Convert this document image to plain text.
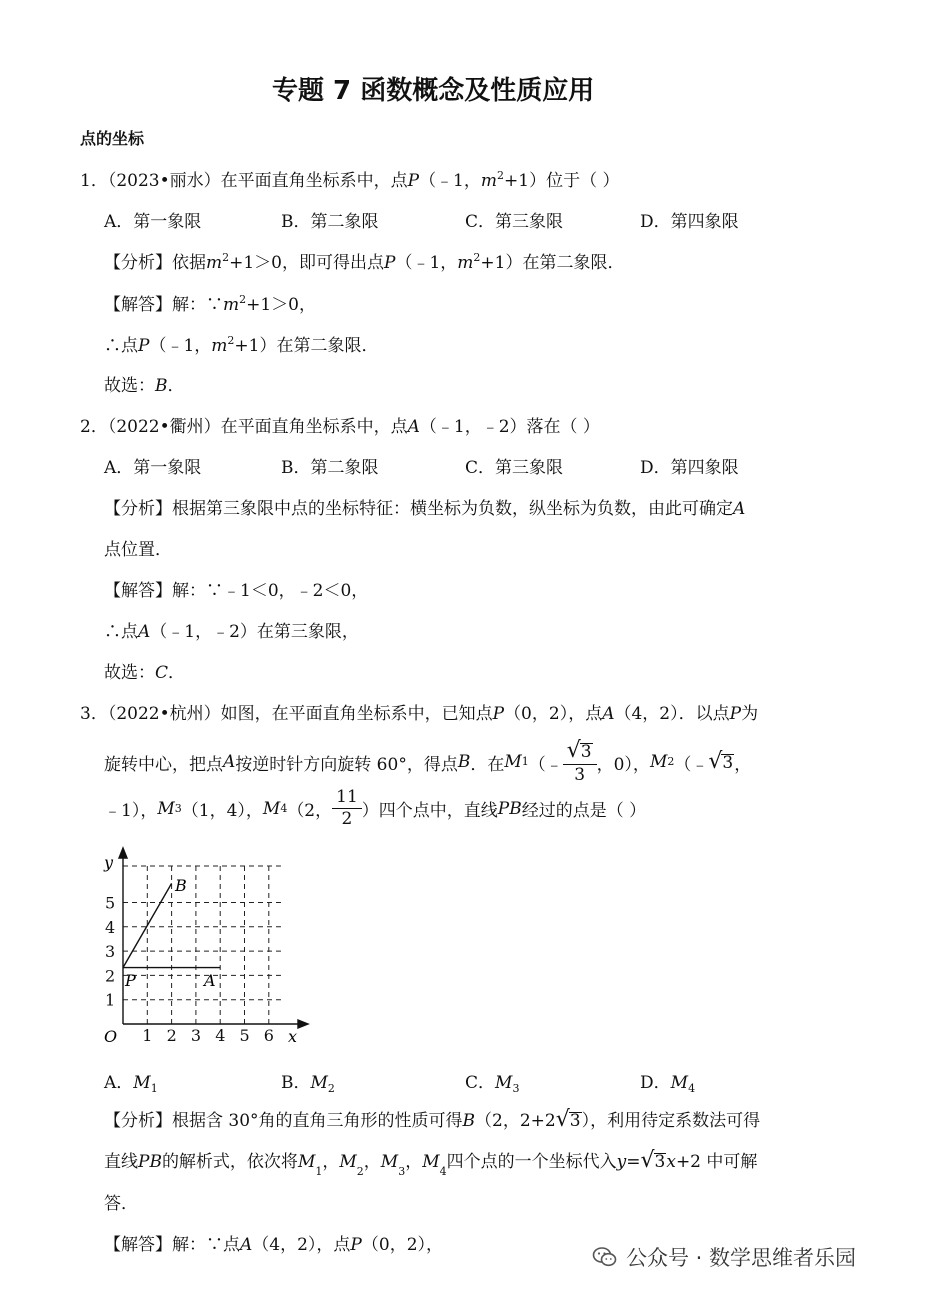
专题 7 函数概念及性质应用
点的坐标
1．（2023•丽水）在平面直角坐标系中，点P（﹣1，$m^2+1$）位于（ ）
A．第一象限	B．第二象限	C．第三象限	D．第四象限
【分析】依据$m^2+1>0$，即可得出点P（﹣1，$m^2+1$）在第二象限．
【解答】解：$\because m^2+1>0$，
∴点P（﹣1，$m^2+1$）在第二象限．
故选：B．
2．（2022•衢州）在平面直角坐标系中，点A（﹣1，﹣2）落在（ ）
A．第一象限	B．第二象限	C．第三象限	D．第四象限
【分析】根据第三象限中点的坐标特征：横坐标为负数，纵坐标为负数，由此可确定A
点位置．
【解答】解：∵﹣1＜0，﹣2＜0，
∴点A（﹣1，﹣2）在第三象限，
故选：C．
3．（2022•杭州）如图，在平面直角坐标系中，已知点P（0，2），点A（4，2）．以点P为
旋转中心，把点 A 按逆时针方向旋转 60°，得点 B ．在 M 1 （﹣ $\frac{√ 3}{3}$ ，0）， M 2 （﹣ √ 3 ，
﹣1）， M 3 （1，4）， M 4 （2， $\frac{11}{2}$ ）四个点中，直线 PB 经过的点是（ ）
1 2 3 4 5 6
1
2
3
4
5
y
x
O
P	A
B
A．$M_1$	B．$M_2$	C．$M_3$	D．$M_4$
【分析】根据含 30°角的直角三角形的性质可得 B （2，2+2 √ 3 ），利用待定系数法可得
直线 PB 的解析式，依次将 M 1 ， M 2 ， M 3 ， M 4 四个点的一个坐标代入 y = √ 3 x +2 中可解
答．
【解答】解：∵点A（4，2），点P（0，2），
公众号 · 数学思维者乐园
